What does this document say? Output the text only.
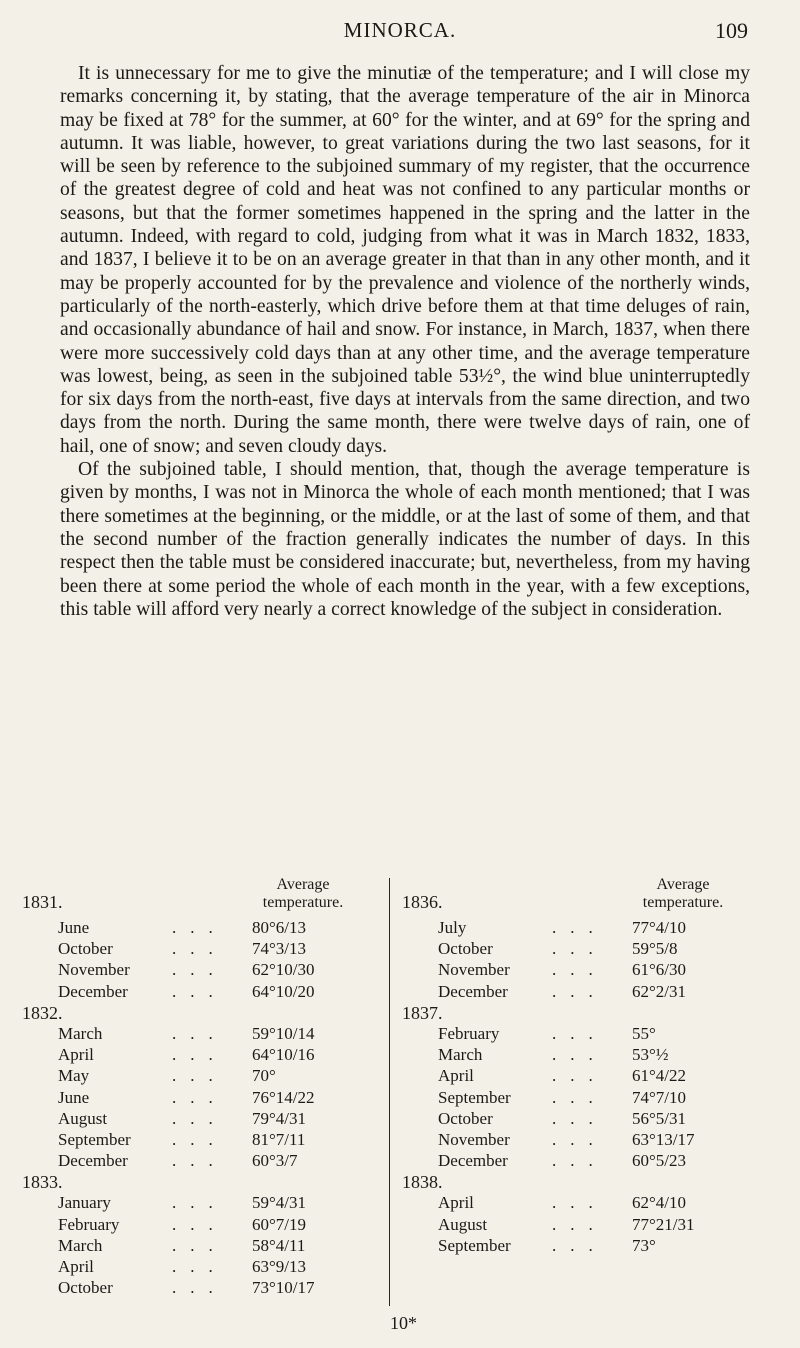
MINORCA.	109

It is unnecessary for me to give the minutiæ of the temperature; and I will close my remarks concerning it, by stating, that the average temperature of the air in Minorca may be fixed at 78° for the summer, at 60° for the winter, and at 69° for the spring and autumn. It was liable, however, to great variations during the two last seasons, for it will be seen by reference to the subjoined summary of my register, that the occurrence of the greatest degree of cold and heat was not confined to any particular months or seasons, but that the former sometimes happened in the spring and the latter in the autumn. Indeed, with regard to cold, judging from what it was in March 1832, 1833, and 1837, I believe it to be on an average greater in that than in any other month, and it may be properly accounted for by the prevalence and violence of the northerly winds, particularly of the north-easterly, which drive before them at that time deluges of rain, and occasionally abundance of hail and snow. For instance, in March, 1837, when there were more successively cold days than at any other time, and the average temperature was lowest, being, as seen in the subjoined table 53½°, the wind blue uninterruptedly for six days from the north-east, five days at intervals from the same direction, and two days from the north. During the same month, there were twelve days of rain, one of hail, one of snow; and seven cloudy days.

Of the subjoined table, I should mention, that, though the average temperature is given by months, I was not in Minorca the whole of each month mentioned; that I was there sometimes at the beginning, or the middle, or at the last of some of them, and that the second number of the fraction generally indicates the number of days. In this respect then the table must be considered inaccurate; but, nevertheless, from my having been there at some period the whole of each month in the year, with a few exceptions, this table will afford very nearly a correct knowledge of the subject in consideration.

1831.
Average
temperature.
June	... 80°6/13
October	... 74°3/13
November ... 62°10/30
December	... 64°10/20
1832.
March	... 59°10/14
April	... 64°10/16
May	... 70°
June	... 76°14/22
August	... 79°4/31
September ... 81°7/11
December	... 60°3/7
1833.
January	... 59°4/31
February	... 60°7/19
March	... 58°4/11
April	... 63°9/13
October	... 73°10/17
1836.
Average
temperature.
July	... 77°4/10
October	... 59°5/8
November ... 61°6/30
December	... 62°2/31
1837.
February	... 55°
March	... 53°½
April	... 61°4/22
September ... 74°7/10
October	... 56°5/31
November ... 63°13/17
December	... 60°5/23
1838.
April	... 62°4/10
August	... 77°21/31
September ... 73°
10*
